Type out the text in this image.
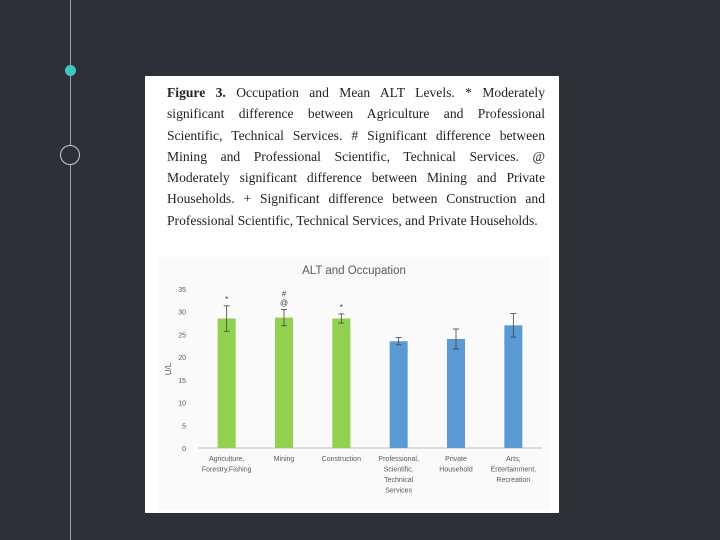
Figure 3. Occupation and Mean ALT Levels. * Moderately significant difference between Agriculture and Professional Scientific, Technical Services. # Significant difference between Mining and Professional Scientific, Technical Services. @ Moderately significant difference between Mining and Private Households. + Significant difference between Construction and Professional Scientific, Technical Services, and Private Households.
ALT and Occupation
U/L
0
5
10
15
20
25
30
35
*
Agriculture,
Forestry,Fishing
#
@
Mining
*
Construction Professional,
Scientific,
Technical
Services
Private
Household
Arts,
Entertainment,
Recreation
